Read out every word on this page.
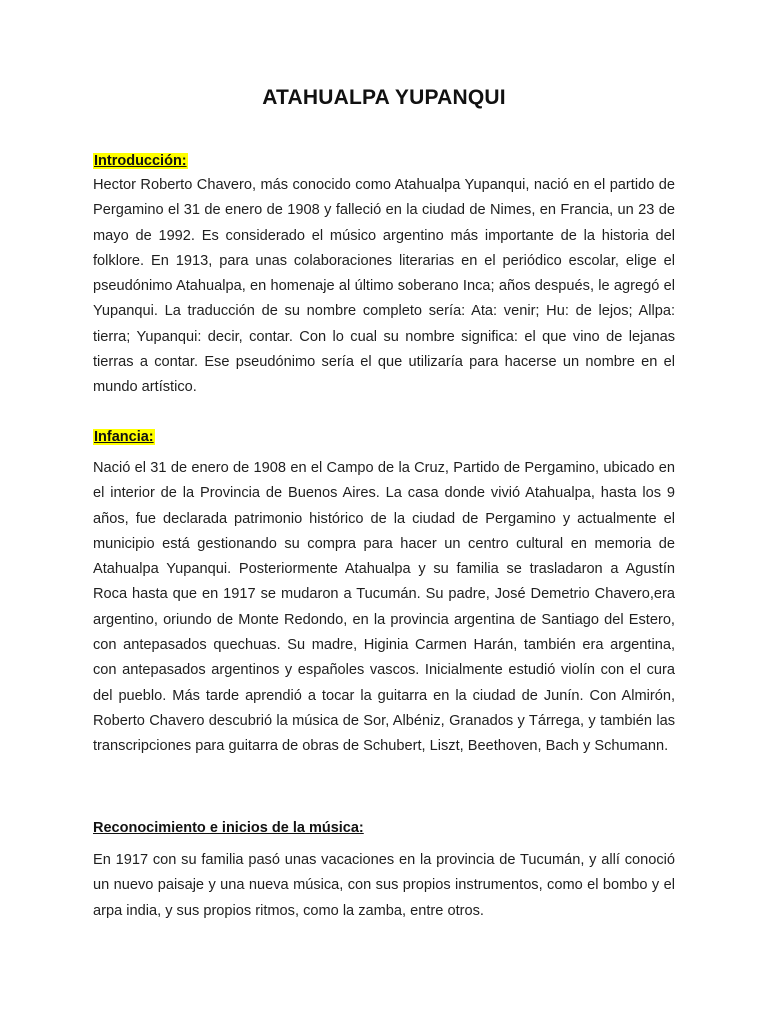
ATAHUALPA YUPANQUI
Introducción:

Hector Roberto Chavero, más conocido como Atahualpa Yupanqui, nació en el partido de Pergamino el 31 de enero de 1908 y falleció en la ciudad de Nimes, en Francia, un 23 de mayo de 1992. Es considerado el músico argentino más importante de la historia del folklore. En 1913, para unas colaboraciones literarias en el periódico escolar, elige el pseudónimo Atahualpa, en homenaje al último soberano Inca; años después, le agregó el Yupanqui. La traducción de su nombre completo sería: Ata: venir; Hu: de lejos; Allpa: tierra; Yupanqui: decir, contar. Con lo cual su nombre significa: el que vino de lejanas tierras a contar. Ese pseudónimo sería el que utilizaría para hacerse un nombre en el mundo artístico.

Infancia:

Nació el 31 de enero de 1908 en el Campo de la Cruz, Partido de Pergamino, ubicado en el interior de la Provincia de Buenos Aires. La casa donde vivió Atahualpa, hasta los 9 años, fue declarada patrimonio histórico de la ciudad de Pergamino y actualmente el municipio está gestionando su compra para hacer un centro cultural en memoria de Atahualpa Yupanqui. Posteriormente Atahualpa y su familia se trasladaron a Agustín Roca hasta que en 1917 se mudaron a Tucumán. Su padre, José Demetrio Chavero,era argentino, oriundo de Monte Redondo, en la provincia argentina de Santiago del Estero, con antepasados quechuas. Su madre, Higinia Carmen Harán, también era argentina, con antepasados argentinos y españoles vascos. Inicialmente estudió violín con el cura del pueblo. Más tarde aprendió a tocar la guitarra en la ciudad de Junín. Con Almirón, Roberto Chavero descubrió la música de Sor, Albéniz, Granados y Tárrega, y también las transcripciones para guitarra de obras de Schubert, Liszt, Beethoven, Bach y Schumann.

Reconocimiento e inicios de la música:

En 1917 con su familia pasó unas vacaciones en la provincia de Tucumán, y allí conoció un nuevo paisaje y una nueva música, con sus propios instrumentos, como el bombo y el arpa india, y sus propios ritmos, como la zamba, entre otros.
